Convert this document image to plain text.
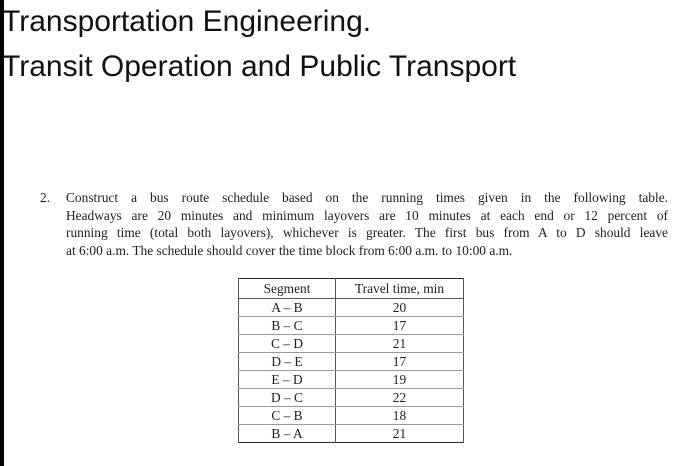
Transportation Engineering.
Transit Operation and Public Transport
2. Construct a bus route schedule based on the running times given in the following table.
Headways are 20 minutes and minimum layovers are 10 minutes at each end or 12 percent of
running time (total both layovers), whichever is greater. The first bus from A to D should leave
at 6:00 a.m. The schedule should cover the time block from 6:00 a.m. to 10:00 a.m.
Segment	Travel time, min
A – B	20
B – C	17
C – D	21
D – E	17
E – D	19
D – C	22
C – B	18
B – A	21
